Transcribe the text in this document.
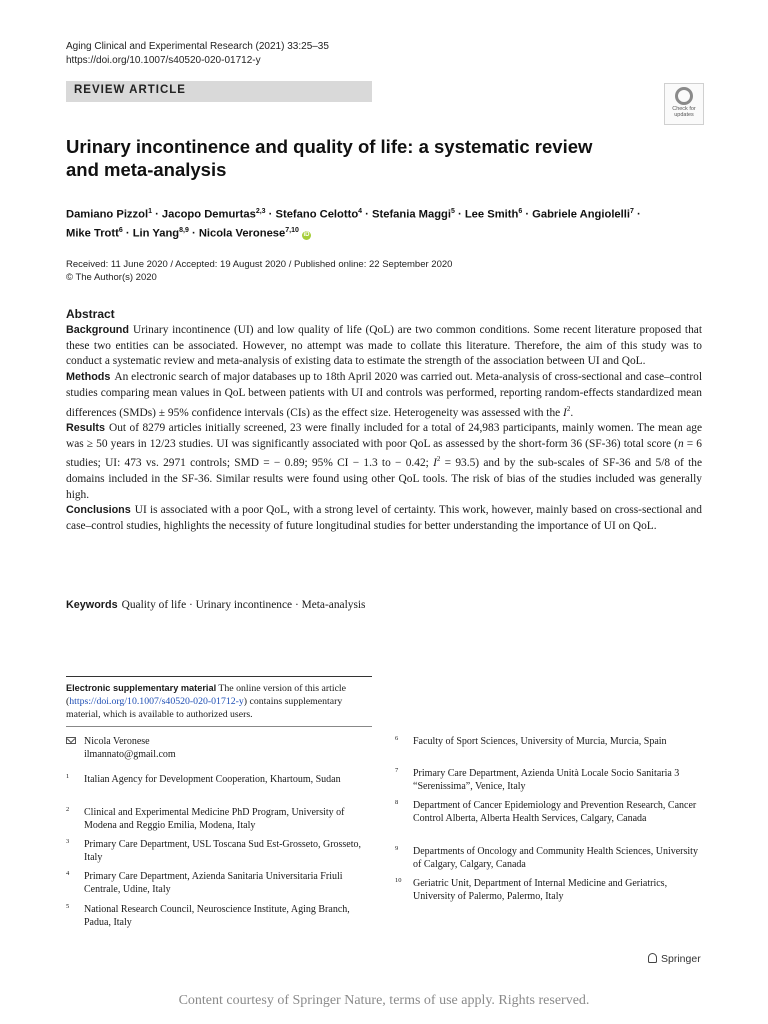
Aging Clinical and Experimental Research (2021) 33:25–35
https://doi.org/10.1007/s40520-020-01712-y
REVIEW ARTICLE
Check for
updates
Urinary incontinence and quality of life: a systematic review
and meta-analysis
Damiano Pizzol$^1$ · Jacopo Demurtas$^{2,3}$ · Stefano Celotto$^4$ · Stefania Maggi$^5$ · Lee Smith$^6$ · Gabriele Angiolelli$^7$ ·
Mike Trott$^6$ · Lin Yang$^{8,9}$ · Nicola Veronese$^{7,10}$ iD
Received: 11 June 2020 / Accepted: 19 August 2020 / Published online: 22 September 2020
© The Author(s) 2020
Abstract

Background Urinary incontinence (UI) and low quality of life (QoL) are two common conditions. Some recent literature proposed that these two entities can be associated. However, no attempt was made to collate this literature. Therefore, the aim of this study was to conduct a systematic review and meta-analysis of existing data to estimate the strength of the association between UI and QoL.

Methods An electronic search of major databases up to 18th April 2020 was carried out. Meta-analysis of cross-sectional and case–control studies comparing mean values in QoL between patients with UI and controls was performed, reporting random-effects standardized mean differences (SMDs) ± 95% confidence intervals (CIs) as the effect size. Heterogeneity was assessed with the $I^2$.

Results Out of 8279 articles initially screened, 23 were finally included for a total of 24,983 participants, mainly women. The mean age was ≥ 50 years in 12/23 studies. UI was significantly associated with poor QoL as assessed by the short-form 36 (SF-36) total score (n = 6 studies; UI: 473 vs. 2971 controls; SMD = − 0.89; 95% CI − 1.3 to − 0.42; $I^2 = 93.5$) and by the sub-scales of SF-36 and 5/8 of the domains included in the SF-36. Similar results were found using other QoL tools. The risk of bias of the studies included was generally high.

Conclusions UI is associated with a poor QoL, with a strong level of certainty. This work, however, mainly based on cross-sectional and case–control studies, highlights the necessity of future longitudinal studies for better understanding the importance of UI on QoL.

Keywords Quality of life · Urinary incontinence · Meta-analysis
Electronic supplementary material The online version of this article (https://doi.org/10.1007/s40520-020-01712-y) contains supplementary material, which is available to authorized users.
Nicola Veronese
ilmannato@gmail.com
1 Italian Agency for Development Cooperation, Khartoum, Sudan
2 Clinical and Experimental Medicine PhD Program, University of Modena and Reggio Emilia, Modena, Italy
3 Primary Care Department, USL Toscana Sud Est-Grosseto, Grosseto, Italy
4 Primary Care Department, Azienda Sanitaria Universitaria Friuli Centrale, Udine, Italy
5 National Research Council, Neuroscience Institute, Aging Branch, Padua, Italy
6 Faculty of Sport Sciences, University of Murcia, Murcia, Spain
7 Primary Care Department, Azienda Unità Locale Socio Sanitaria 3 “Serenissima”, Venice, Italy
8 Department of Cancer Epidemiology and Prevention Research, Cancer Control Alberta, Alberta Health Services, Calgary, Canada
9 Departments of Oncology and Community Health Sciences, University of Calgary, Calgary, Canada
10 Geriatric Unit, Department of Internal Medicine and Geriatrics, University of Palermo, Palermo, Italy
Springer
Content courtesy of Springer Nature, terms of use apply. Rights reserved.
